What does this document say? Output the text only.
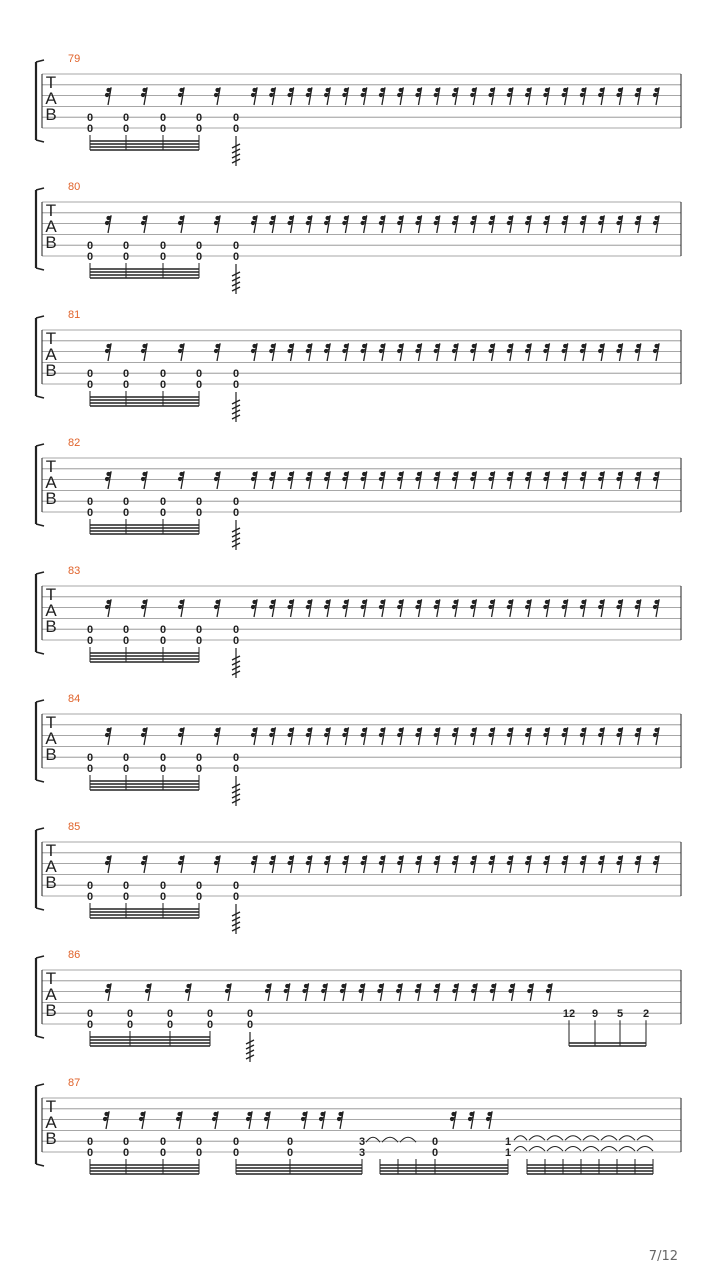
T
A
B
79
0
0
0
0
0
0
0
0
0
0
T
A
B
80
0
0
0
0
0
0
0
0
0
0
T
A
B
81
0
0
0
0
0
0
0
0
0
0
T
A
B
82
0
0
0
0
0
0
0
0
0
0
T
A
B
83
0
0
0
0
0
0
0
0
0
0
T
A
B
84
0
0
0
0
0
0
0
0
0
0
T
A
B
85
0
0
0
0
0
0
0
0
0
0
T
A
B
86
0
0
0
0
0
0
0
0
0
0
12 9 5 2
T
A
B
87
0
0
0
0
0
0
0
0
0
0
0
0
3
3
0
0
1
1
7/12
